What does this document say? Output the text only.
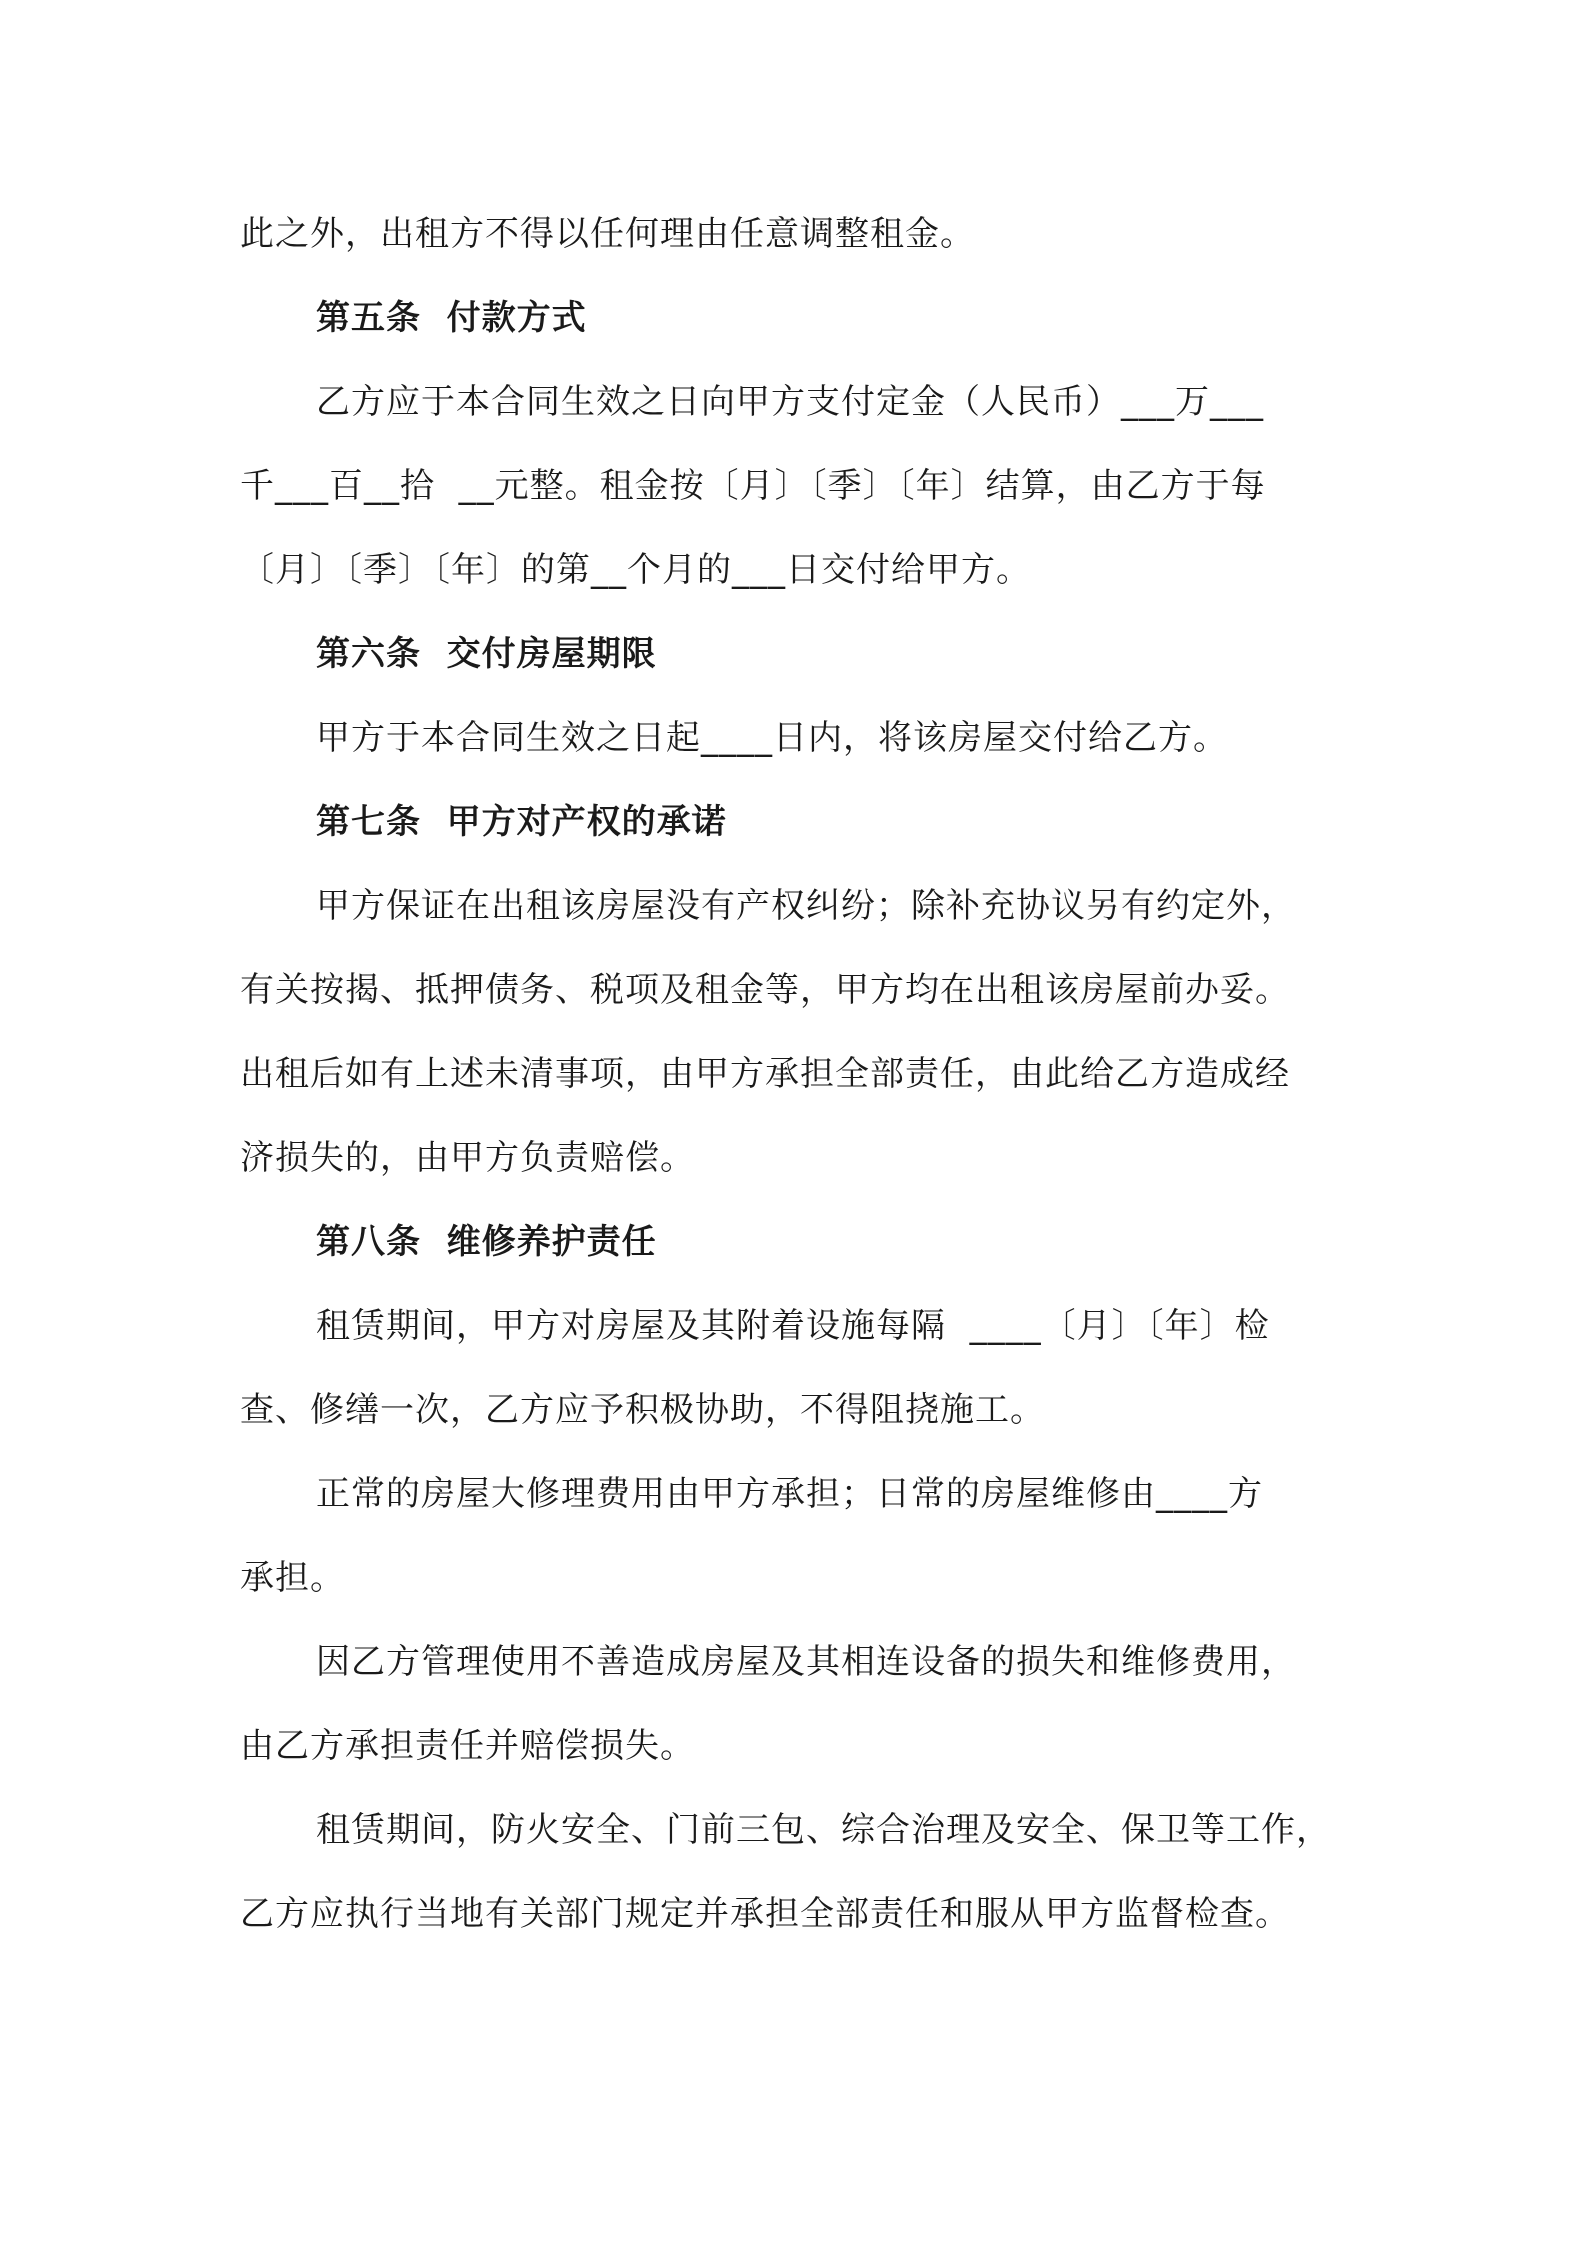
此之外，出租方不得以任何理由任意调整租金。
第五条  付款方式
乙方应于本合同生效之日向甲方支付定金（人民币）___万___
千___百__拾  __元整。租金按〔月〕〔季〕〔年〕结算，由乙方于每
〔月〕〔季〕〔年〕的第__个月的___日交付给甲方。
第六条  交付房屋期限
甲方于本合同生效之日起____日内，将该房屋交付给乙方。
第七条  甲方对产权的承诺
甲方保证在出租该房屋没有产权纠纷；除补充协议另有约定外，
有关按揭、抵押债务、税项及租金等，甲方均在出租该房屋前办妥。
出租后如有上述未清事项，由甲方承担全部责任，由此给乙方造成经
济损失的，由甲方负责赔偿。
第八条  维修养护责任
租赁期间，甲方对房屋及其附着设施每隔  ____〔月〕〔年〕检
查、修缮一次，乙方应予积极协助，不得阻挠施工。
正常的房屋大修理费用由甲方承担；日常的房屋维修由____方
承担。
因乙方管理使用不善造成房屋及其相连设备的损失和维修费用，
由乙方承担责任并赔偿损失。
租赁期间，防火安全、门前三包、综合治理及安全、保卫等工作，
乙方应执行当地有关部门规定并承担全部责任和服从甲方监督检查。
